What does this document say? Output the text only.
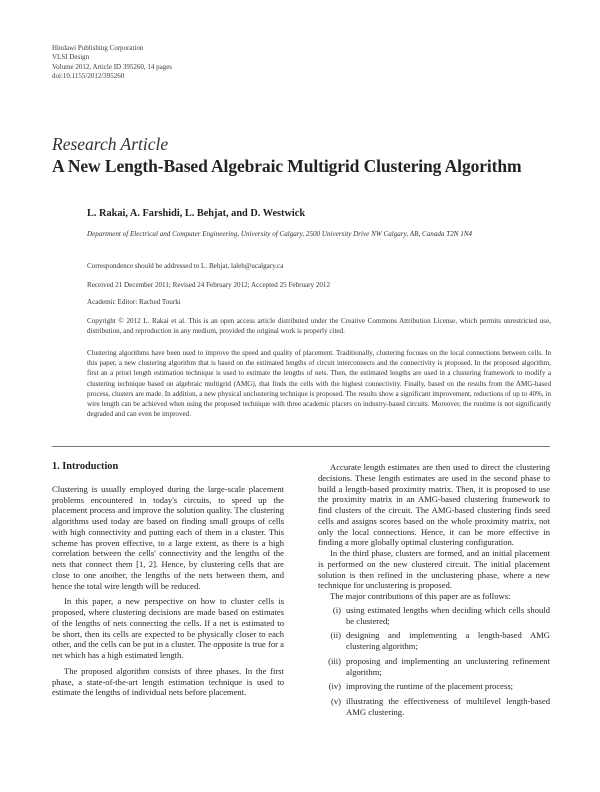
Hindawi Publishing Corporation
VLSI Design
Volume 2012, Article ID 395260, 14 pages
doi:10.1155/2012/395260
Research Article
A New Length-Based Algebraic Multigrid Clustering Algorithm
L. Rakai, A. Farshidi, L. Behjat, and D. Westwick
Department of Electrical and Computer Engineering, University of Calgary, 2500 University Drive NW Calgary, AB, Canada T2N 1N4
Correspondence should be addressed to L. Behjat, laleh@ucalgary.ca
Received 21 December 2011; Revised 24 February 2012; Accepted 25 February 2012
Academic Editor: Rached Tourki
Copyright © 2012 L. Rakai et al. This is an open access article distributed under the Creative Commons Attribution License, which permits unrestricted use, distribution, and reproduction in any medium, provided the original work is properly cited.
Clustering algorithms have been used to improve the speed and quality of placement. Traditionally, clustering focuses on the local connections between cells. In this paper, a new clustering algorithm that is based on the estimated lengths of circuit interconnects and the connectivity is proposed. In the proposed algorithm, first an a priori length estimation technique is used to estimate the lengths of nets. Then, the estimated lengths are used in a clustering framework to modify a clustering technique based on algebraic multigrid (AMG), that finds the cells with the highest connectivity. Finally, based on the results from the AMG-based process, clusters are made. In addition, a new physical unclustering technique is proposed. The results show a significant improvement, reductions of up to 40%, in wire length can be achieved when using the proposed technique with three academic placers on industry-based circuits. Moreover, the runtime is not significantly degraded and can even be improved.
1. Introduction

Clustering is usually employed during the large-scale placement problems encountered in today's circuits, to speed up the placement process and improve the solution quality. The clustering algorithms used today are based on finding small groups of cells with high connectivity and putting each of them in a cluster. This scheme has proven effective, to a large extent, as there is a high correlation between the cells' connectivity and the lengths of the nets that connect them [1, 2]. Hence, by clustering cells that are close to one another, the lengths of the nets between them, and hence the total wire length will be reduced.

In this paper, a new perspective on how to cluster cells is proposed, where clustering decisions are made based on estimates of the lengths of nets connecting the cells. If a net is estimated to be short, then its cells are expected to be physically closer to each other, and the cells can be put in a cluster. The opposite is true for a net which has a high estimated length.

The proposed algorithm consists of three phases. In the first phase, a state-of-the-art length estimation technique is used to estimate the lengths of individual nets before placement.

Accurate length estimates are then used to direct the clustering decisions. These length estimates are used in the second phase to build a length-based proximity matrix. Then, it is proposed to use the proximity matrix in an AMG-based clustering framework to find clusters of the circuit. The AMG-based clustering finds seed cells and assigns scores based on the whole proximity matrix, not only the local connections. Hence, it can be more effective in finding a more globally optimal clustering configuration.

In the third phase, clusters are formed, and an initial placement is performed on the new clustered circuit. The initial placement solution is then refined in the unclustering phase, where a new technique for unclustering is proposed.

The major contributions of this paper are as follows:

(i) using estimated lengths when deciding which cells should be clustered;
(ii) designing and implementing a length-based AMG clustering algorithm;
(iii) proposing and implementing an unclustering refinement algorithm;
(iv) improving the runtime of the placement process;
(v) illustrating the effectiveness of multilevel length-based AMG clustering.
